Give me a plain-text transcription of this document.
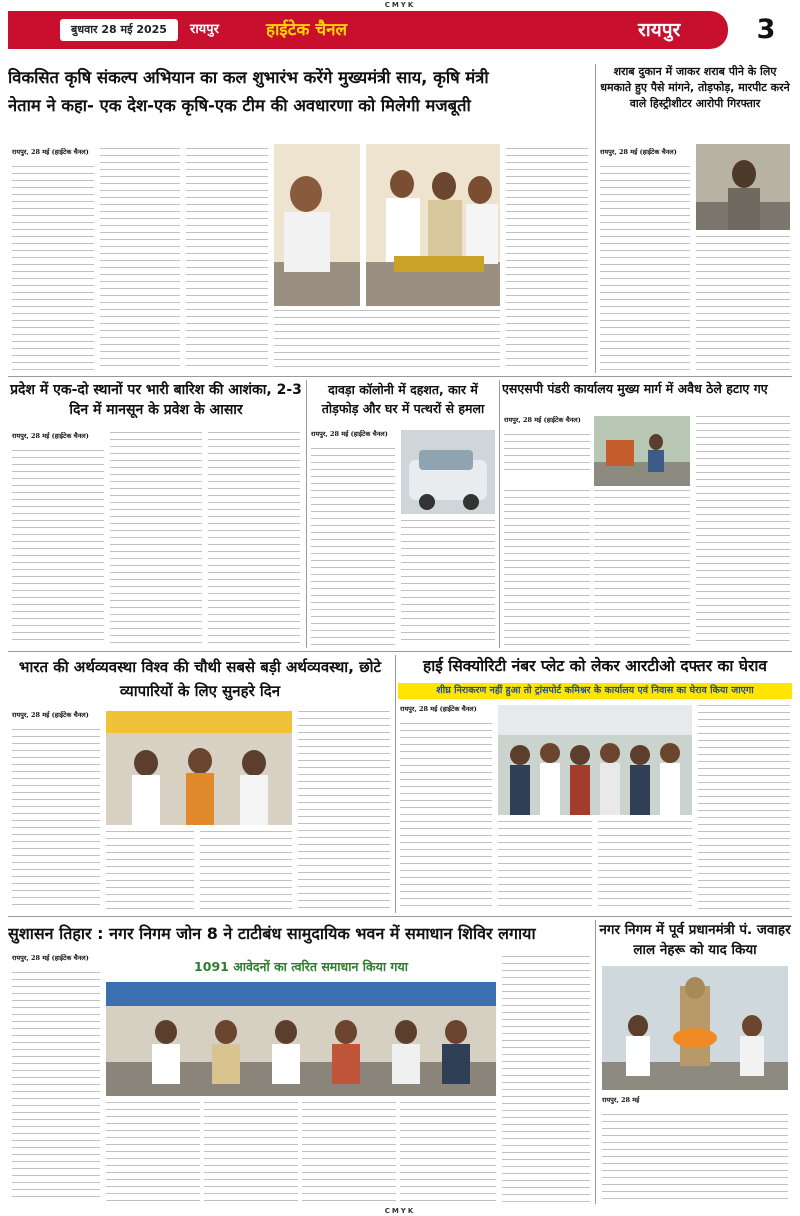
CMYK
CMYK
बुधवार 28 मई 2025	रायपुर	हाईटेक चैनल	रायपुर	3
विकसित कृषि संकल्प अभियान का कल शुभारंभ करेंगे मुख्यमंत्री साय, कृषि मंत्री
नेताम ने कहा- एक देश-एक कृषि-एक टीम की अवधारणा को मिलेगी मजबूती
रायपुर, 28 मई (हाईटेक चैनल)
शराब दुकान में जाकर शराब पीने के लिए धमकाते हुए पैसे मांगने, तोड़फोड़, मारपीट करने वाले हिस्ट्रीशीटर आरोपी गिरफ्तार
रायपुर, 28 मई (हाईटेक चैनल)
प्रदेश में एक-दो स्थानों पर भारी बारिश की आशंका, 2-3 दिन में मानसून के प्रवेश के आसार
रायपुर, 28 मई (हाईटेक चैनल)
दावड़ा कॉलोनी में दहशत, कार में तोड़फोड़ और घर में पत्थरों से हमला
रायपुर, 28 मई (हाईटेक चैनल)
एसएसपी पंडरी कार्यालय मुख्य मार्ग में अवैध ठेले हटाए गए
रायपुर, 28 मई (हाईटेक चैनल)
भारत की अर्थव्यवस्था विश्व की चौथी सबसे बड़ी अर्थव्यवस्था, छोटे व्यापारियों के लिए सुनहरे दिन
रायपुर, 28 मई (हाईटेक चैनल)
हाई सिक्योरिटी नंबर प्लेट को लेकर आरटीओ दफ्तर का घेराव
शीघ्र निराकरण नहीं हुआ तो ट्रांसपोर्ट कमिश्नर के कार्यालय एवं निवास का घेराव किया जाएगा
रायपुर, 28 मई (हाईटेक चैनल)
सुशासन तिहार : नगर निगम जोन 8 ने टाटीबंध सामुदायिक भवन में समाधान शिविर लगाया
रायपुर, 28 मई (हाईटेक चैनल)
1091 आवेदनों का त्वरित समाधान किया गया
नगर निगम में पूर्व प्रधानमंत्री पं. जवाहर लाल नेहरू को याद किया
रायपुर, 28 मई
